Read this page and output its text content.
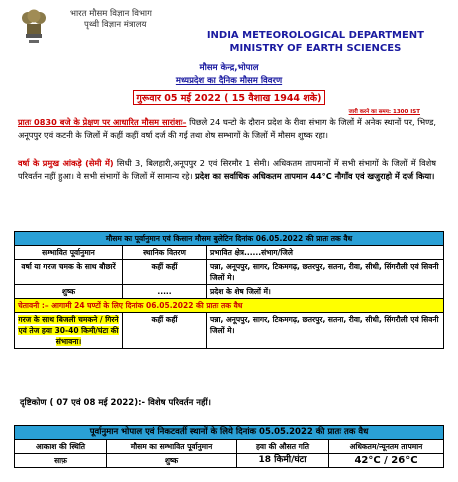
भारत मौसम विज्ञान विभाग
पृथ्वी विज्ञान मंत्रालय
INDIA METEOROLOGICAL DEPARTMENT
MINISTRY OF EARTH SCIENCES
मौसम केन्द्र,भोपाल
मध्यप्रदेश का दैनिक मौसम विवरण
गुरूवार 05 मई 2022 ( 15 वैशाख 1944 शके)
जारी करने का समय: 1300 IST
प्रातः 0830 बजे के प्रेक्षण पर आधारित मौसम सारांशः– पिछले 24 घन्टो के दौरान प्रदेश के रीवा संभाग के जिलों में अनेक स्थानों पर, भिण्ड, अनूपपुर एवं कटनी के जिलों में कहीं कहीं वर्षा दर्ज की गई तथा शेष सम्भागों के जिलों में मौसम शुष्क रहा।
वर्षा के प्रमुख आंकड़े (सेमी में) सिधी 3, बिलहारी,अनूपपुर 2 एवं सिरमौर 1 सेमी। अधिकतम तापमानों में सभी संभागों के जिलों में विशेष परिवर्तन नहीं हुआ। वे सभी संभागों के जिलों में सामान्य रहे। प्रदेश का सर्वाधिक अधिकतम तापमान 44°C नौगाँव एवं खजुराहो में दर्ज किया।
मौसम का पूर्वानुमान एवं किसान मौसम बुलेटिन दिनांक 06.05.2022 की प्रातः तक वैध		
सम्भावित पूर्वानुमान	स्थानिक वितरण	प्रभावित क्षेत्र......संभाग/जिले
वर्षा या गरज चमक के साथ बौछारें	कहीं कहीं	पन्ना, अनूपपुर, सागर, टिकमगढ़, छतरपुर, सतना, रीवा, सीधी, सिंगरौली एवं सिवनी जिलों मे।
शुष्क	.....	प्रदेश के शेष जिलों में।
चेतावनी :– आगामी 24 घण्टों के लिए दिनांक 06.05.2022 की प्रातः तक वैध		
गरज के साथ बिजली चमकने / गिरने एवं तेज हवा 30-40 किमी/घंटा की संभावना।	कहीं कहीं	पन्ना, अनूपपुर, सागर, टिकमगढ़, छतरपुर, सतना, रीवा, सीधी, सिंगरौली एवं सिवनी जिलों मे।
दृष्टिकोण ( 07 एवं 08 मई 2022):- विशेष परिवर्तन नहीं।
पूर्वानुमान भोपाल एवं निकटवर्ती स्थानों के लिये दिनांक 05.05.2022 की प्रातः तक वैध			
आकाश की स्थिति	मौसम का सम्भावित पूर्वानुमान	हवा की औसत गति	अधिकतम/न्यूनतम तापमान
साफ़	शुष्क	18 किमी/घंटा	42°C / 26°C
